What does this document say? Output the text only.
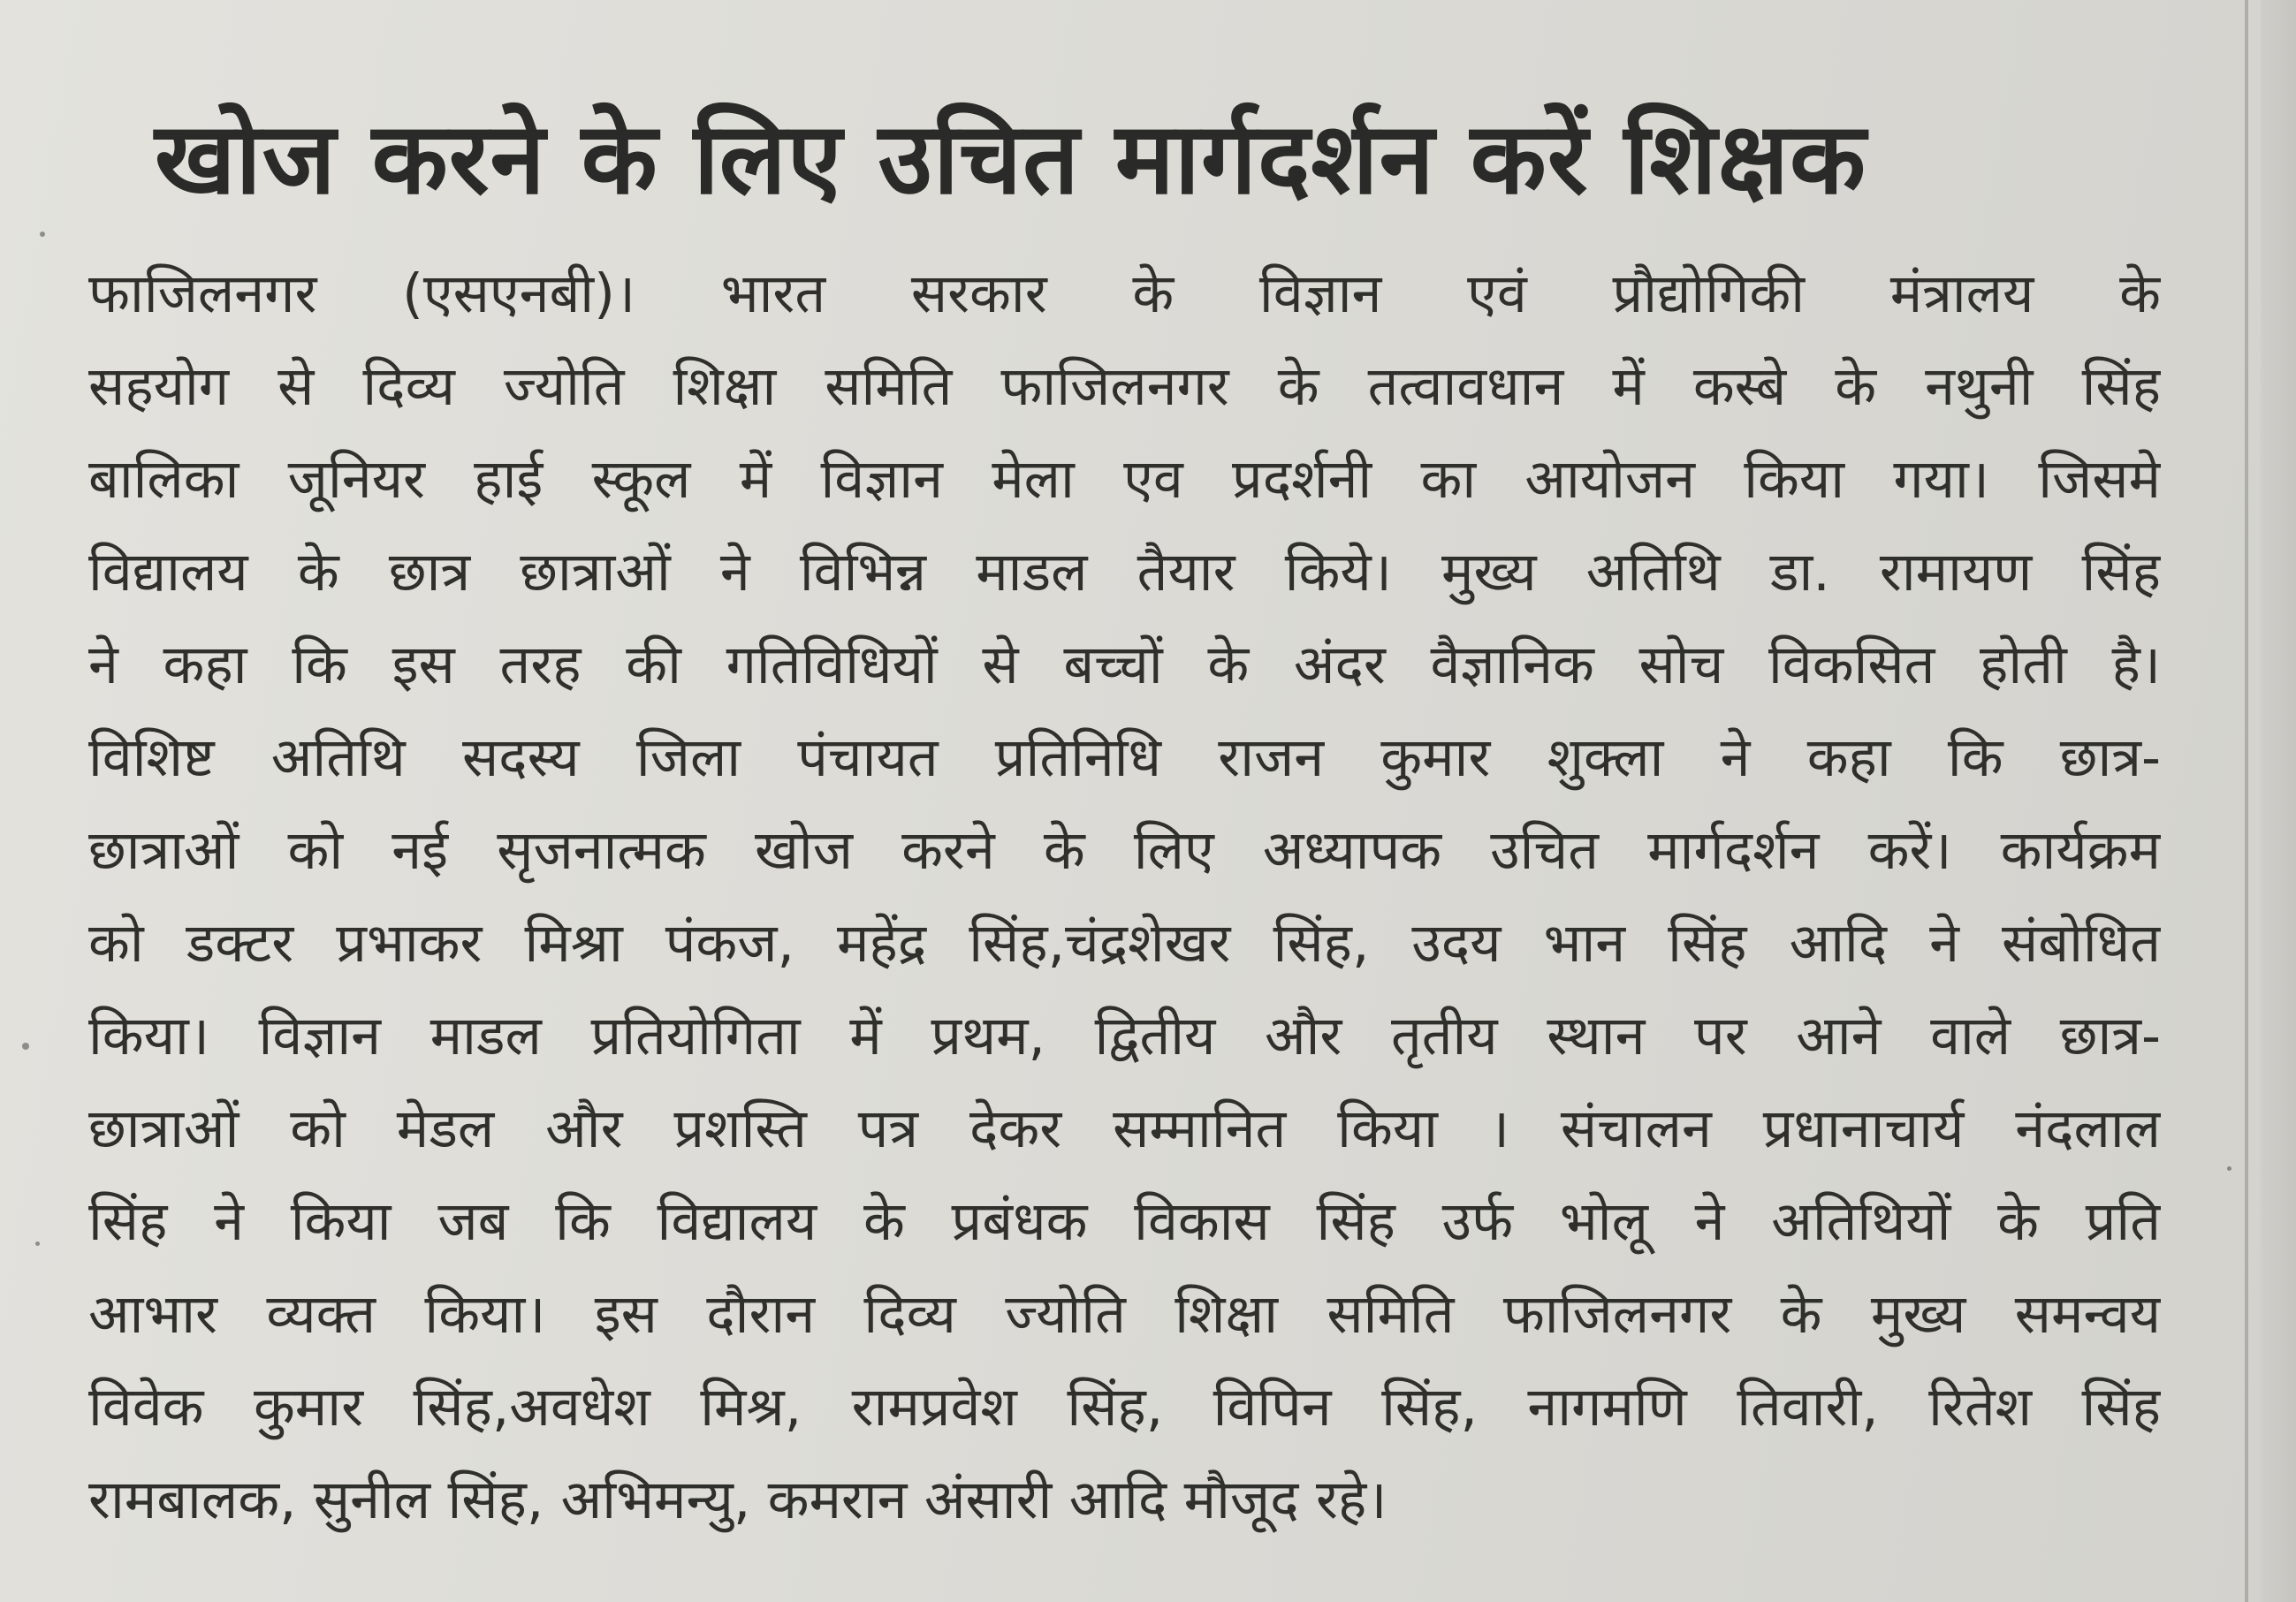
खोज करने के लिए उचित मार्गदर्शन करें शिक्षक
फाजिलनगर (एसएनबी)। भारत सरकार के विज्ञान एवं प्रौद्योगिकी मंत्रालय के
सहयोग से दिव्य ज्योति शिक्षा समिति फाजिलनगर के तत्वावधान में कस्बे के नथुनी सिंह
बालिका जूनियर हाई स्कूल में विज्ञान मेला एव प्रदर्शनी का आयोजन किया गया। जिसमे
विद्यालय के छात्र छात्राओं ने विभिन्न माडल तैयार किये। मुख्य अतिथि डा. रामायण सिंह
ने कहा कि इस तरह की गतिविधियों से बच्चों के अंदर वैज्ञानिक सोच विकसित होती है।
विशिष्ट अतिथि सदस्य जिला पंचायत प्रतिनिधि राजन कुमार शुक्ला ने कहा कि छात्र-
छात्राओं को नई सृजनात्मक खोज करने के लिए अध्यापक उचित मार्गदर्शन करें। कार्यक्रम
को डक्टर प्रभाकर मिश्रा पंकज, महेंद्र सिंह,चंद्रशेखर सिंह, उदय भान सिंह आदि ने संबोधित
किया। विज्ञान माडल प्रतियोगिता में प्रथम, द्वितीय और तृतीय स्थान पर आने वाले छात्र-
छात्राओं को मेडल और प्रशस्ति पत्र देकर सम्मानित किया । संचालन प्रधानाचार्य नंदलाल
सिंह ने किया जब कि विद्यालय के प्रबंधक विकास सिंह उर्फ भोलू ने अतिथियों के प्रति
आभार व्यक्त किया। इस दौरान दिव्य ज्योति शिक्षा समिति फाजिलनगर के मुख्य समन्वय
विवेक कुमार सिंह,अवधेश मिश्र, रामप्रवेश सिंह, विपिन सिंह, नागमणि तिवारी, रितेश सिंह
रामबालक, सुनील सिंह, अभिमन्यु, कमरान अंसारी आदि मौजूद रहे।
